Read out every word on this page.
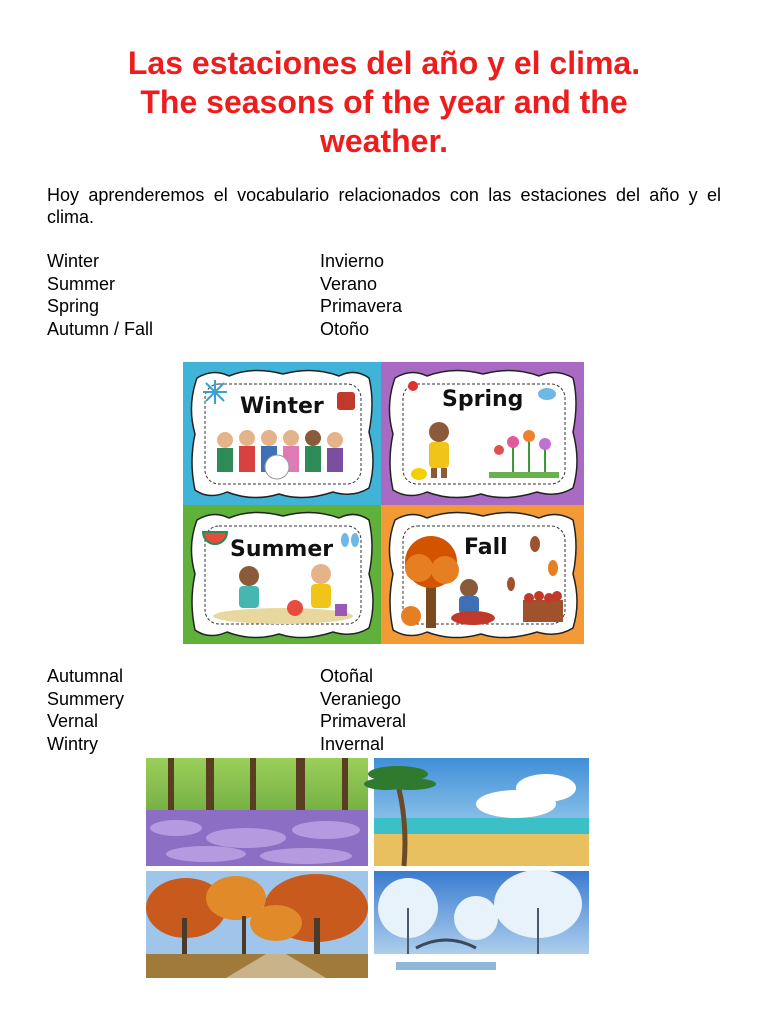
Las estaciones del año y el clima.
The seasons of the year and the
weather.

Hoy aprenderemos el vocabulario relacionados con las estaciones del año y el clima.

Winter	Invierno
Summer	Verano
Spring	Primavera
Autumn / Fall	Otoño
Winter	Spring
Summer	Fall
Autumnal	Otoñal
Summery	Veraniego
Vernal	Primaveral
Wintry	Invernal
